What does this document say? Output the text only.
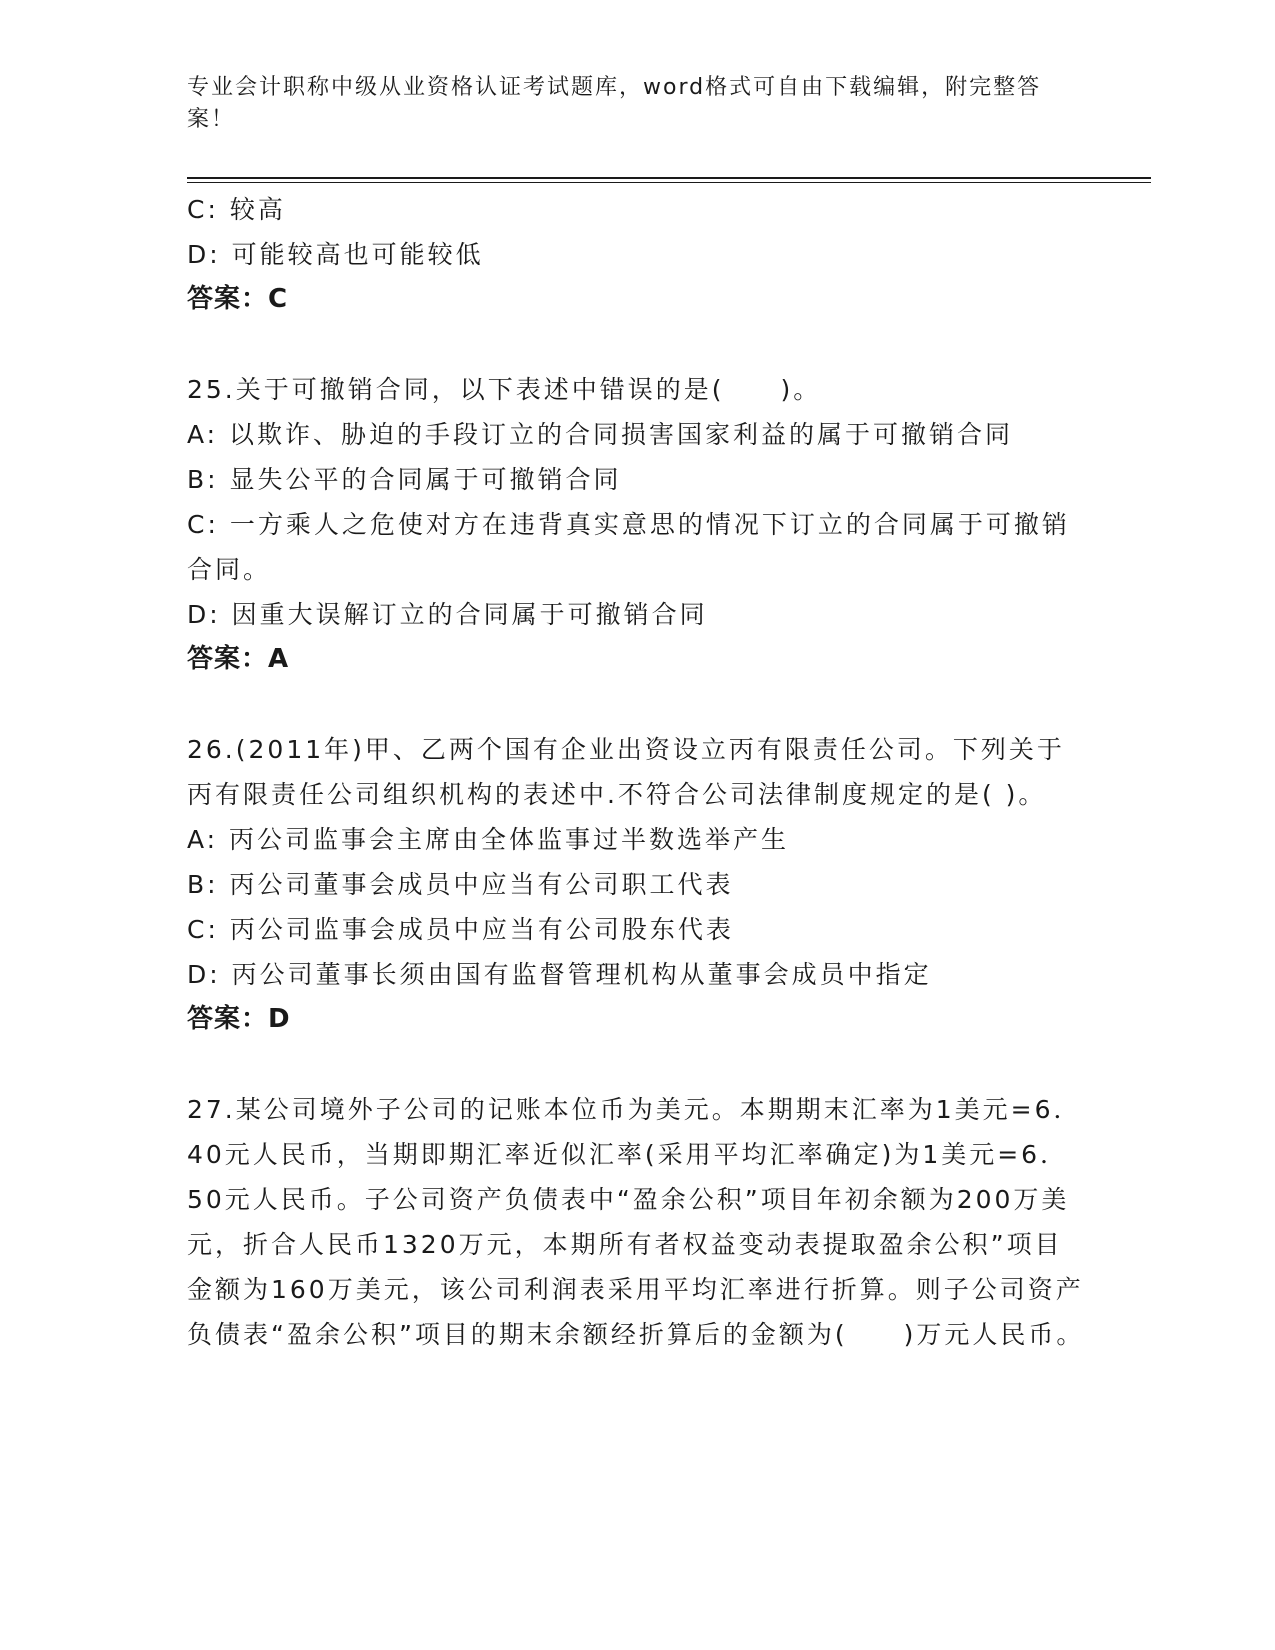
专业会计职称中级从业资格认证考试题库，word格式可自由下载编辑，附完整答案！

C: 较高

D: 可能较高也可能较低

答案：C

25.关于可撤销合同，以下表述中错误的是(　　)。

A: 以欺诈、胁迫的手段订立的合同损害国家利益的属于可撤销合同

B: 显失公平的合同属于可撤销合同

C: 一方乘人之危使对方在违背真实意思的情况下订立的合同属于可撤销合同。

D: 因重大误解订立的合同属于可撤销合同

答案：A

26.(2011年)甲、乙两个国有企业出资设立丙有限责任公司。下列关于丙有限责任公司组织机构的表述中.不符合公司法律制度规定的是( )。

A: 丙公司监事会主席由全体监事过半数选举产生

B: 丙公司董事会成员中应当有公司职工代表

C: 丙公司监事会成员中应当有公司股东代表

D: 丙公司董事长须由国有监督管理机构从董事会成员中指定

答案：D

27.某公司境外子公司的记账本位币为美元。本期期末汇率为1美元=6．40元人民币，当期即期汇率近似汇率(采用平均汇率确定)为1美元=6．50元人民币。子公司资产负债表中“盈余公积”项目年初余额为200万美元，折合人民币1320万元，本期所有者权益变动表提取盈余公积”项目金额为160万美元，该公司利润表采用平均汇率进行折算。则子公司资产负债表“盈余公积”项目的期末余额经折算后的金额为(　　)万元人民币。
